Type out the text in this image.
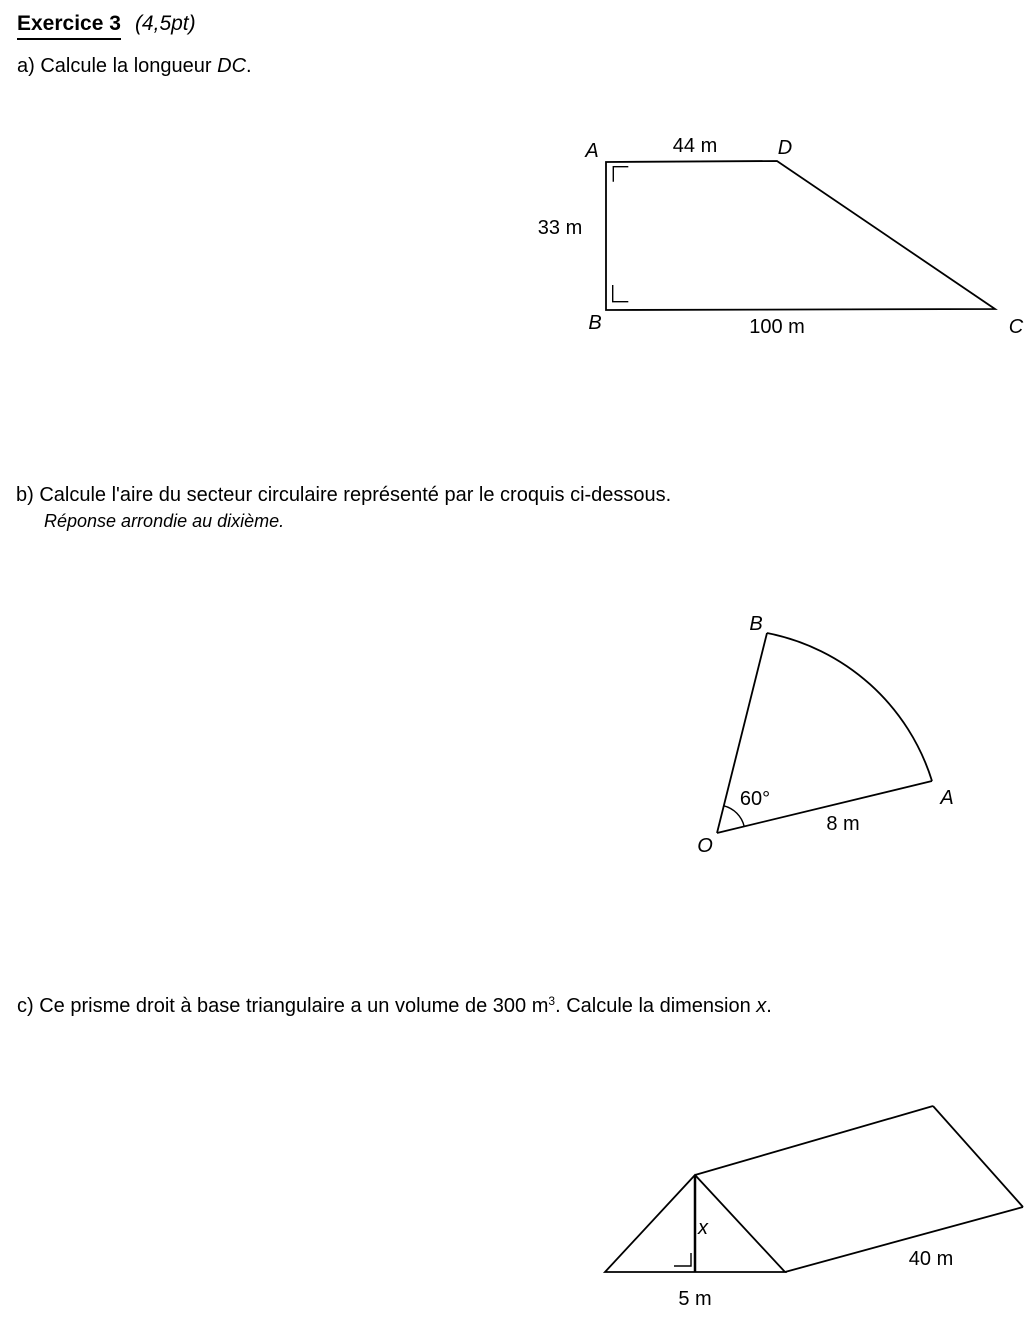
Exercice 3 (4,5pt)
a) Calcule la longueur DC.
A	44 m	D
33 m
B	100 m	C
b) Calcule l'aire du secteur circulaire représenté par le croquis ci-dessous.
Réponse arrondie au dixième.
B
A
O
60°
8 m
c) Ce prisme droit à base triangulaire a un volume de 300 $m^3$. Calcule la dimension x.
x
5 m
40 m
